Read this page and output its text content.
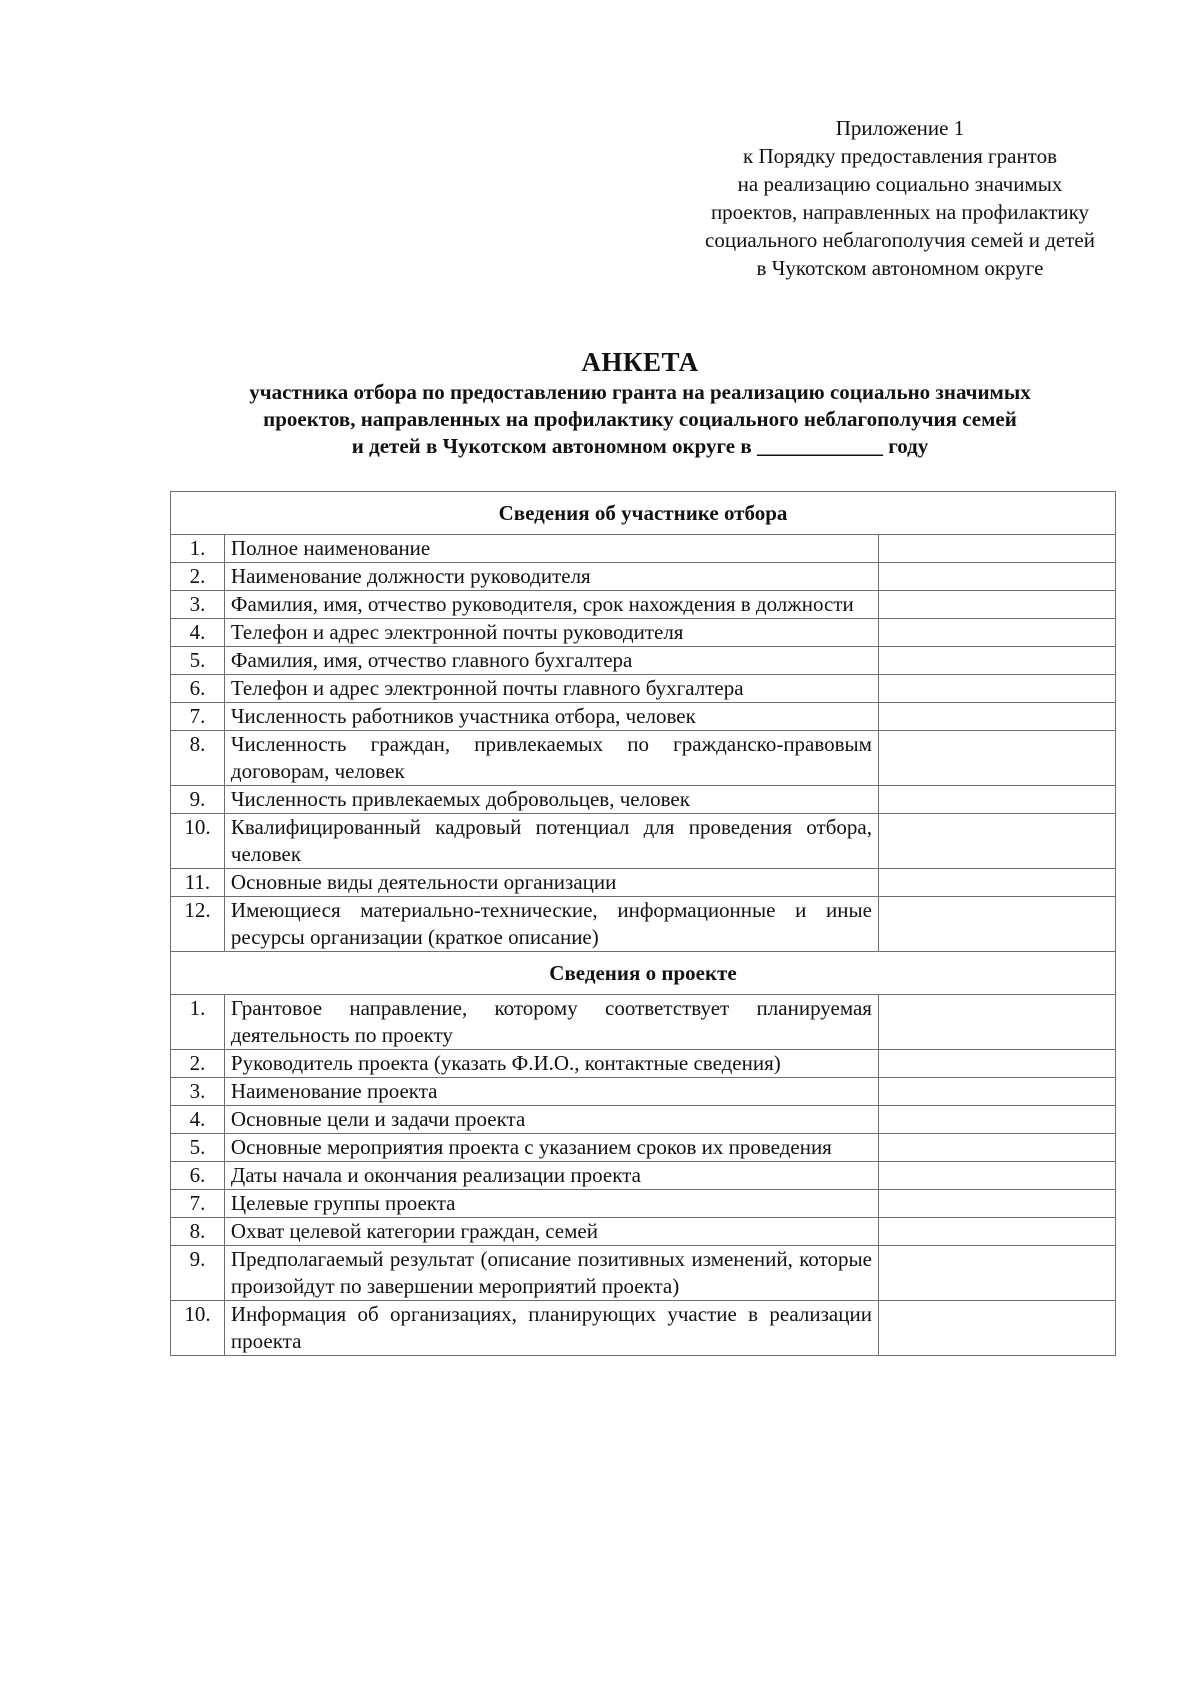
Приложение 1
к Порядку предоставления грантов
на реализацию социально значимых
проектов, направленных на профилактику
социального неблагополучия семей и детей
в Чукотском автономном округе
АНКЕТА
участника отбора по предоставлению гранта на реализацию социально значимых
проектов, направленных на профилактику социального неблагополучия семей
и детей в Чукотском автономном округе в ____________ году
Сведения об участнике отбора		
1.	Полное наименование	
2.	Наименование должности руководителя	
3.	Фамилия, имя, отчество руководителя, срок нахождения в должности	
4.	Телефон и адрес электронной почты руководителя	
5.	Фамилия, имя, отчество главного бухгалтера	
6.	Телефон и адрес электронной почты главного бухгалтера	
7.	Численность работников участника отбора, человек	
8.	Численность граждан, привлекаемых по гражданско-правовым договорам, человек	
9.	Численность привлекаемых добровольцев, человек	
10.	Квалифицированный кадровый потенциал для проведения отбора, человек	
11.	Основные виды деятельности организации	
12.	Имеющиеся материально-технические, информационные и иные ресурсы организации (краткое описание)	
Сведения о проекте		
1.	Грантовое направление, которому соответствует планируемая деятельность по проекту	
2.	Руководитель проекта (указать Ф.И.О., контактные сведения)	
3.	Наименование проекта	
4.	Основные цели и задачи проекта	
5.	Основные мероприятия проекта с указанием сроков их проведения	
6.	Даты начала и окончания реализации проекта	
7.	Целевые группы проекта	
8.	Охват целевой категории граждан, семей	
9.	Предполагаемый результат (описание позитивных изменений, которые произойдут по завершении мероприятий проекта)	
10.	Информация об организациях, планирующих участие в реализации проекта	
